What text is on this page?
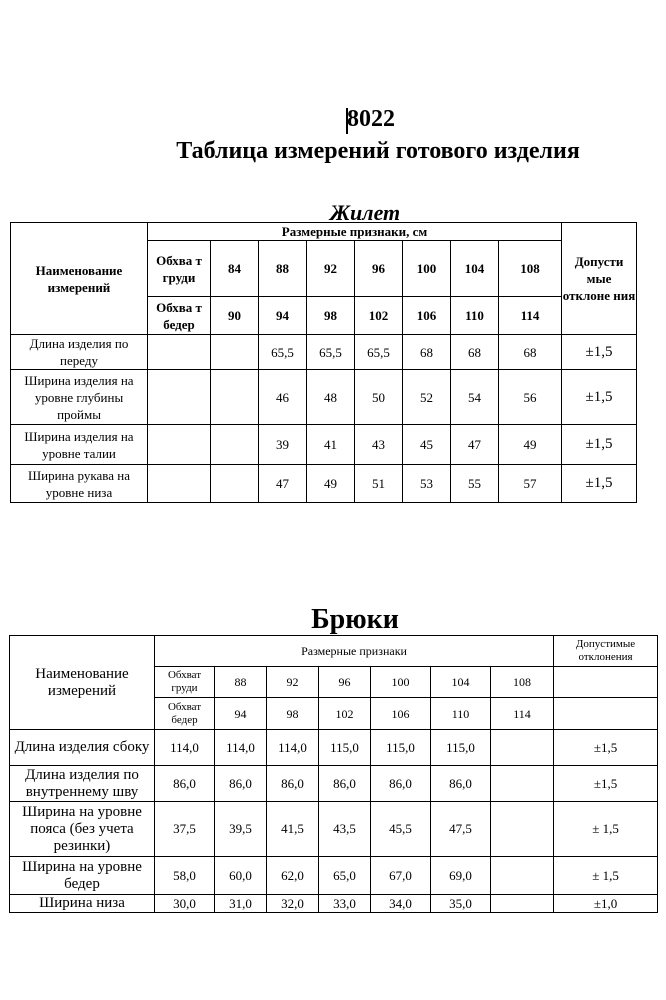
8022
Таблица измерений готового изделия
Жилет
Наименование измерений	Размерные признаки, см								Допусти мые отклоне ния
	Обхва т груди	84	88	92	96	100	104	108	
	Обхва т бедер	90	94	98	102	106	110	114	
Длина изделия по переду			65,5	65,5	65,5	68	68	68	±1,5
Ширина изделия на уровне глубины проймы			46	48	50	52	54	56	±1,5
Ширина изделия на уровне талии			39	41	43	45	47	49	±1,5
Ширина рукава на уровне низа			47	49	51	53	55	57	±1,5
Брюки
Наименование измерений	Размерные признаки							Допустимые отклонения
	Обхват груди	88	92	96	100	104	108	
	Обхват бедер	94	98	102	106	110	114	
Длина изделия сбоку	114,0	114,0	114,0	115,0	115,0	115,0		±1,5
Длина изделия по внутреннему шву	86,0	86,0	86,0	86,0	86,0	86,0		±1,5
Ширина на уровне пояса (без учета резинки)	37,5	39,5	41,5	43,5	45,5	47,5		± 1,5
Ширина на уровне бедер	58,0	60,0	62,0	65,0	67,0	69,0		± 1,5
Ширина низа	30,0	31,0	32,0	33,0	34,0	35,0		±1,0
